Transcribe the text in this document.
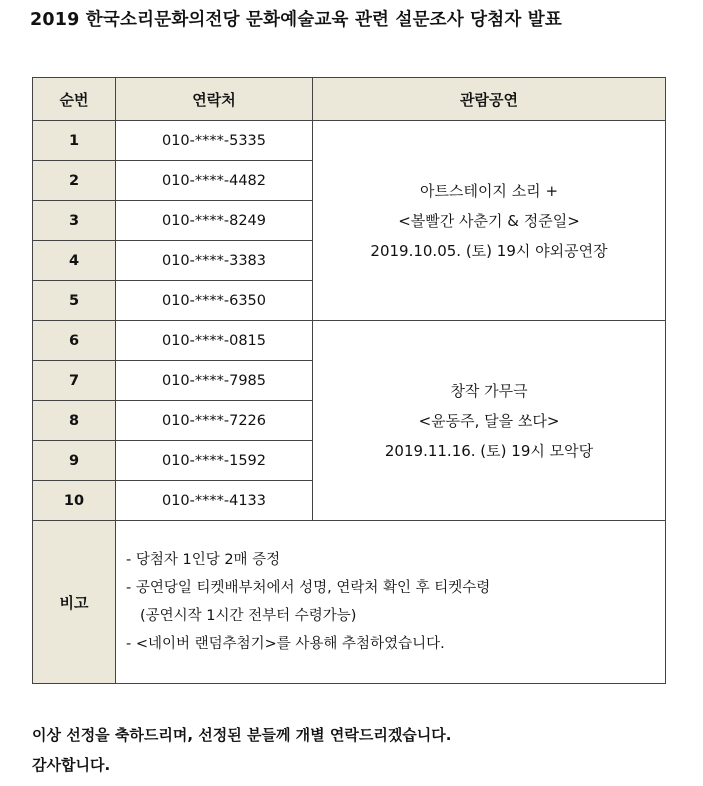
2019 한국소리문화의전당 문화예술교육 관련 설문조사 당첨자 발표
순번	연락처	관람공연
1	010-****-5335	아트스테이지 소리 +
<볼빨간 사춘기 & 정준일>
2019.10.05. (토) 19시 야외공연장

2	010-****-4482	
3	010-****-8249	
4	010-****-3383	
5	010-****-6350	
6	010-****-0815	창작 가무극
<윤동주, 달을 쏘다>
2019.11.16. (토) 19시 모악당

7	010-****-7985	
8	010-****-7226	
9	010-****-1592	
10	010-****-4133	
비고	- 당첨자 1인당 2매 증정
- 공연당일 티켓배부처에서 성명, 연락처 확인 후 티켓수령
(공연시작 1시간 전부터 수령가능)
- <네이버 랜덤추첨기>를 사용해 추첨하였습니다.	
이상 선정을 축하드리며, 선정된 분들께 개별 연락드리겠습니다.
감사합니다.
